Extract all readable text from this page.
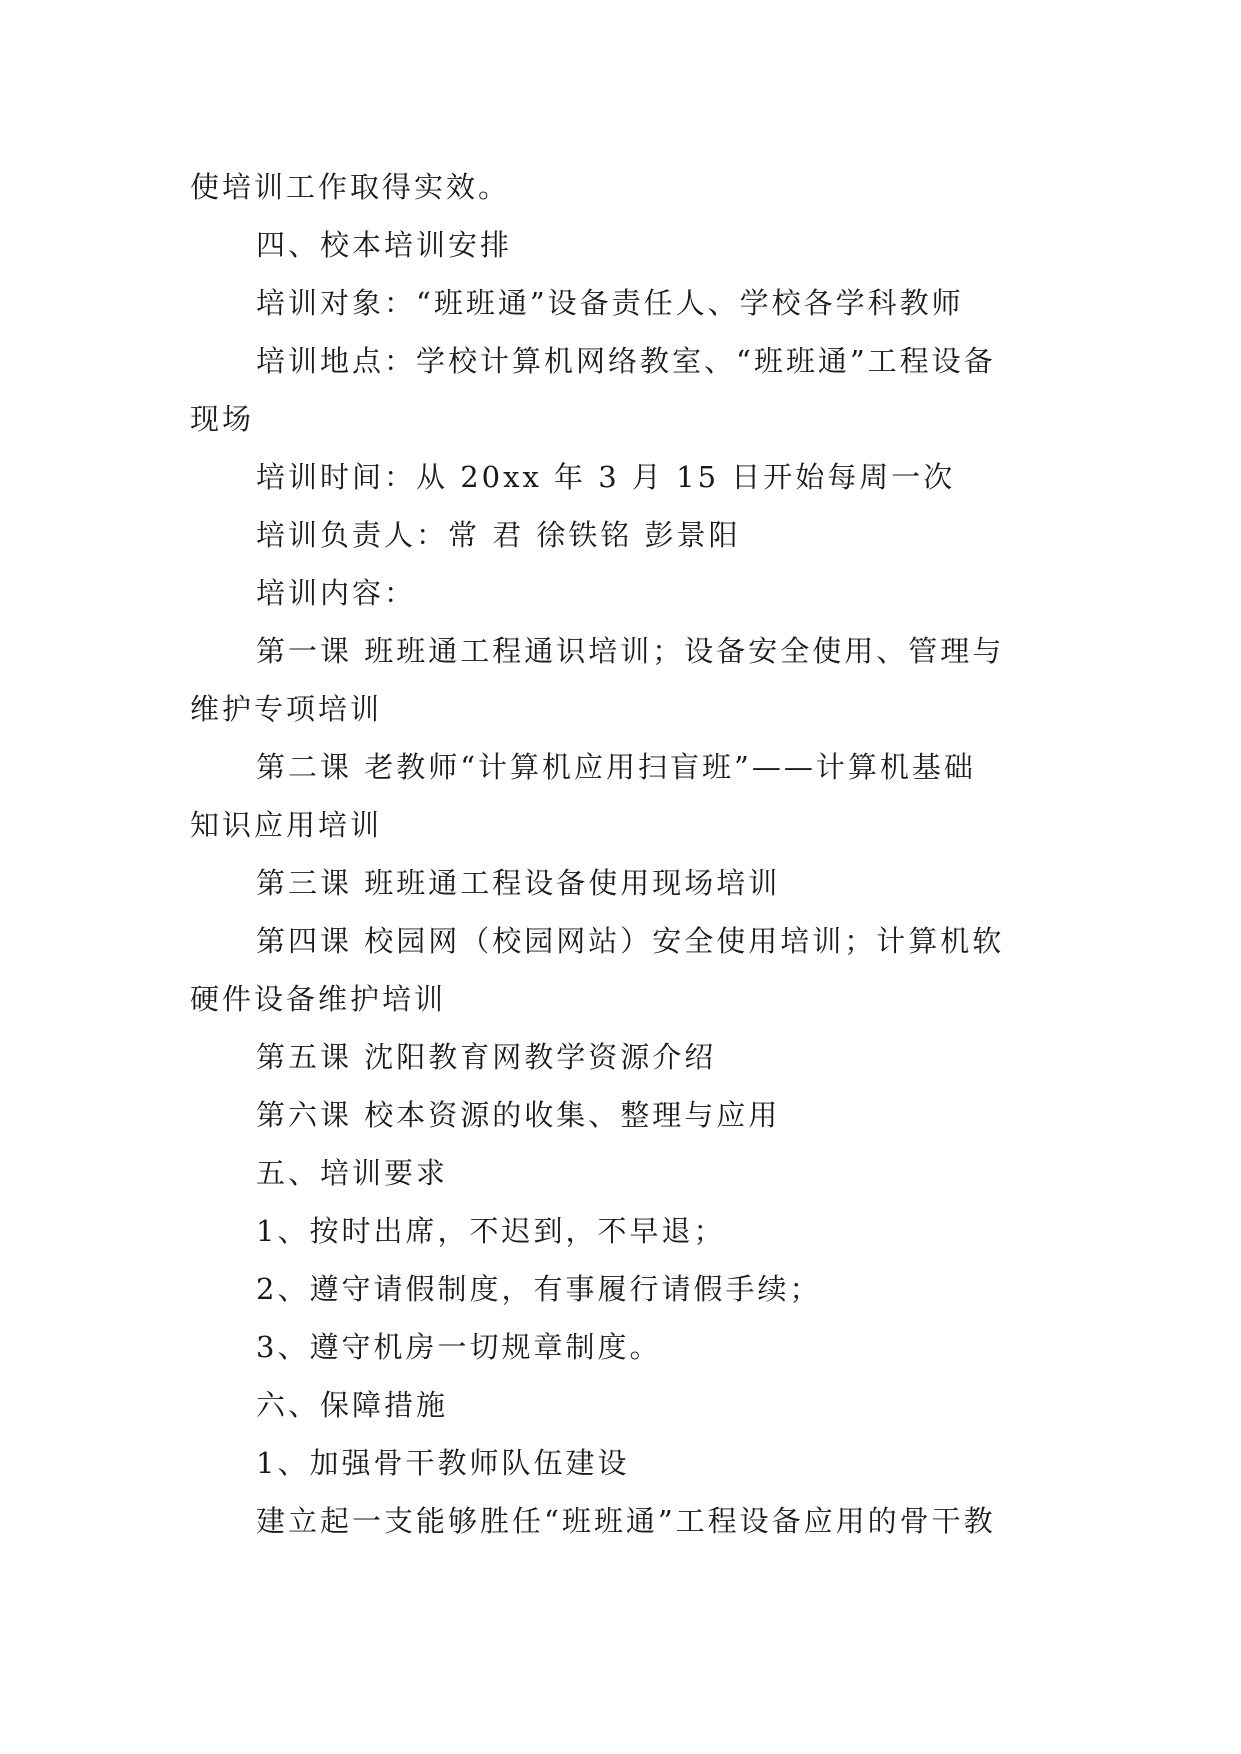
使培训工作取得实效。
四、校本培训安排
培训对象：“班班通”设备责任人、学校各学科教师
培训地点：学校计算机网络教室、“班班通”工程设备
现场
培训时间：从 20xx 年 3 月 15 日开始每周一次
培训负责人：常 君 徐铁铭 彭景阳
培训内容：
第一课 班班通工程通识培训；设备安全使用、管理与
维护专项培训
第二课 老教师“计算机应用扫盲班”——计算机基础
知识应用培训
第三课 班班通工程设备使用现场培训
第四课 校园网（校园网站）安全使用培训；计算机软
硬件设备维护培训
第五课 沈阳教育网教学资源介绍
第六课 校本资源的收集、整理与应用
五、培训要求
1、按时出席，不迟到，不早退；
2、遵守请假制度，有事履行请假手续；
3、遵守机房一切规章制度。
六、保障措施
1、加强骨干教师队伍建设
建立起一支能够胜任“班班通”工程设备应用的骨干教
